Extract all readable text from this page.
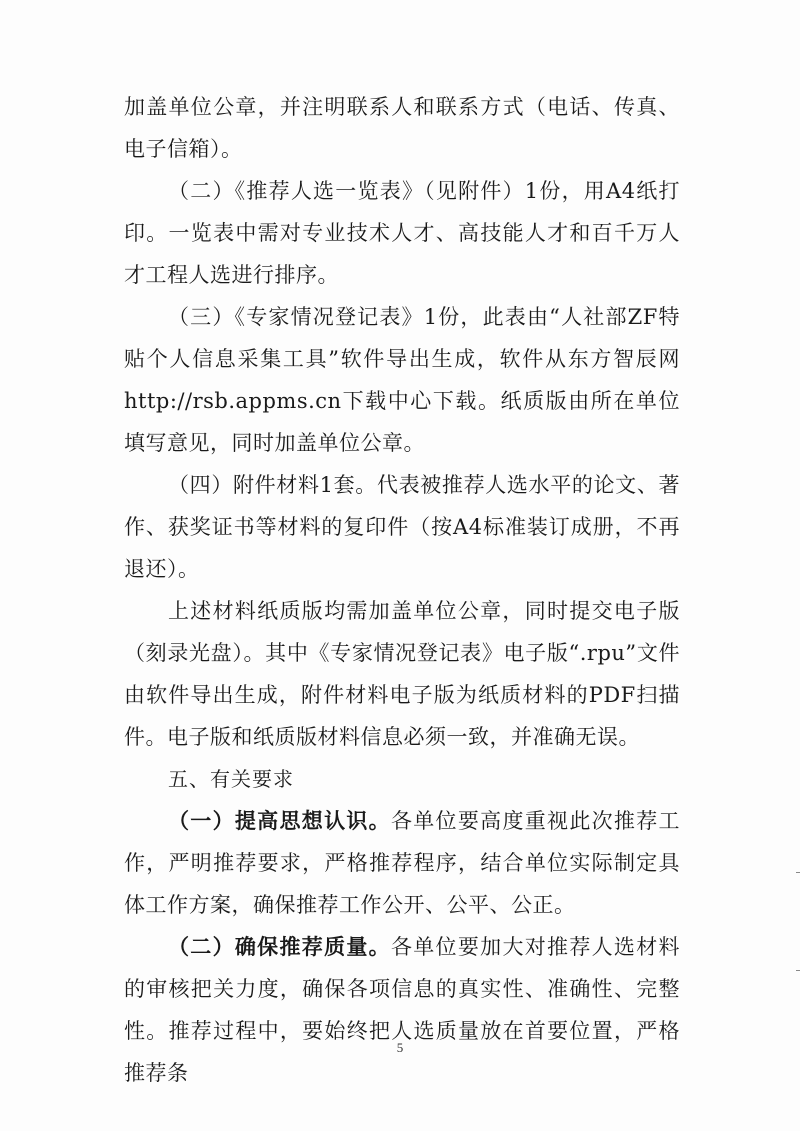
加盖单位公章，并注明联系人和联系方式（电话、传真、电子信箱）。

（二）《推荐人选一览表》（见附件）1份，用A4纸打印。一览表中需对专业技术人才、高技能人才和百千万人才工程人选进行排序。

（三）《专家情况登记表》1份，此表由“人社部ZF特贴个人信息采集工具”软件导出生成，软件从东方智辰网http://rsb.appms.cn下载中心下载。纸质版由所在单位填写意见，同时加盖单位公章。

（四）附件材料1套。代表被推荐人选水平的论文、著作、获奖证书等材料的复印件（按A4标准装订成册，不再退还）。

上述材料纸质版均需加盖单位公章，同时提交电子版（刻录光盘）。其中《专家情况登记表》电子版“.rpu”文件由软件导出生成，附件材料电子版为纸质材料的PDF扫描件。电子版和纸质版材料信息必须一致，并准确无误。

五、有关要求

（一）提高思想认识。各单位要高度重视此次推荐工作，严明推荐要求，严格推荐程序，结合单位实际制定具体工作方案，确保推荐工作公开、公平、公正。

（二）确保推荐质量。各单位要加大对推荐人选材料的审核把关力度，确保各项信息的真实性、准确性、完整性。推荐过程中，要始终把人选质量放在首要位置，严格推荐条

5
